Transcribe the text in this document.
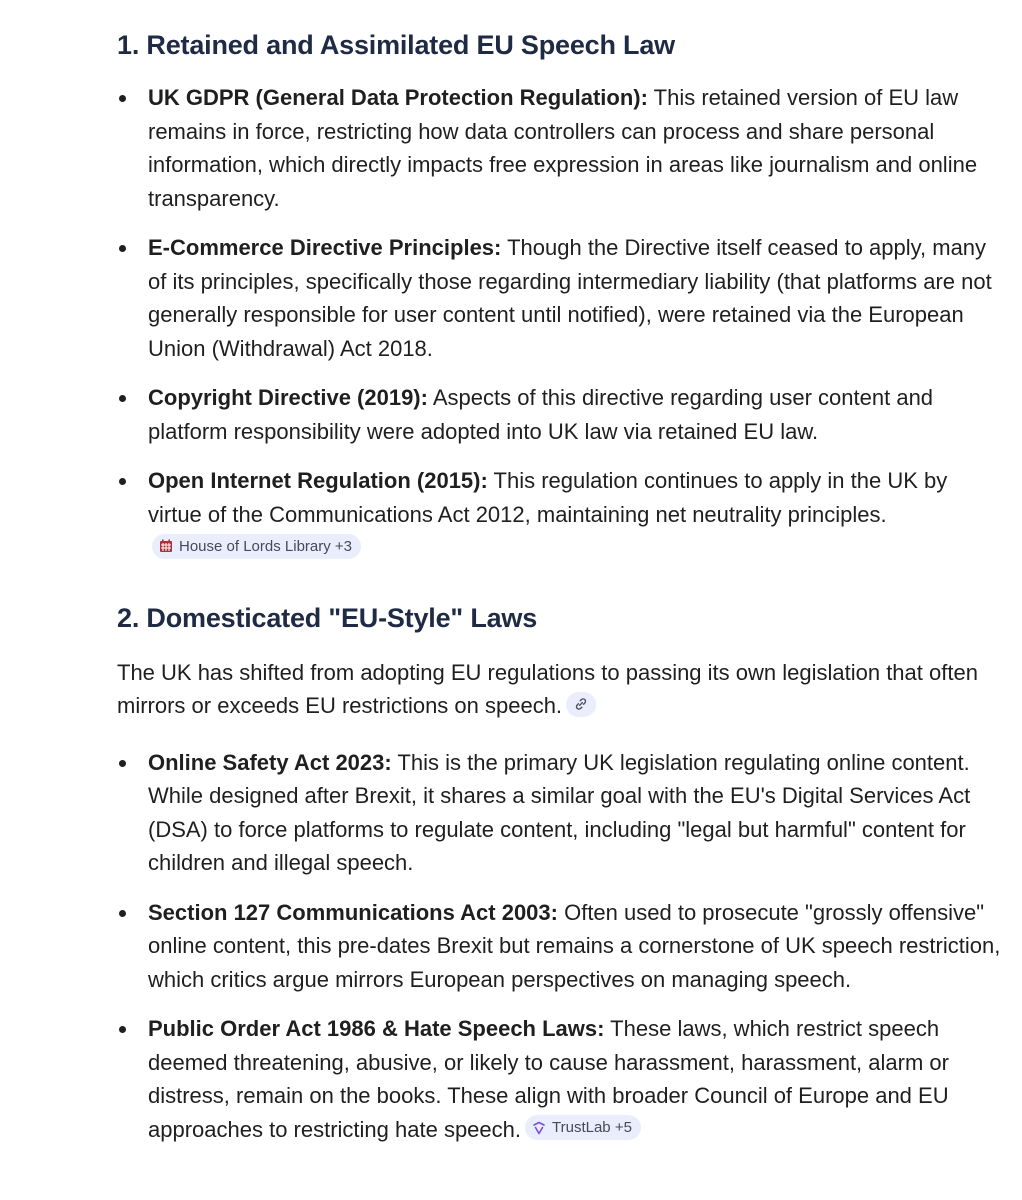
1. Retained and Assimilated EU Speech Law
UK GDPR (General Data Protection Regulation): This retained version of EU law remains in force, restricting how data controllers can process and share personal information, which directly impacts free expression in areas like journalism and online transparency.
E-Commerce Directive Principles: Though the Directive itself ceased to apply, many of its principles, specifically those regarding intermediary liability (that platforms are not generally responsible for user content until notified), were retained via the European Union (Withdrawal) Act 2018.
Copyright Directive (2019): Aspects of this directive regarding user content and platform responsibility were adopted into UK law via retained EU law.
Open Internet Regulation (2015): This regulation continues to apply in the UK by virtue of the Communications Act 2012, maintaining net neutrality principles.
House of Lords Library +3
2. Domesticated "EU-Style" Laws

The UK has shifted from adopting EU regulations to passing its own legislation that often mirrors or exceeds EU restrictions on speech.

Online Safety Act 2023: This is the primary UK legislation regulating online content. While designed after Brexit, it shares a similar goal with the EU's Digital Services Act (DSA) to force platforms to regulate content, including "legal but harmful" content for children and illegal speech.
Section 127 Communications Act 2003: Often used to prosecute "grossly offensive" online content, this pre-dates Brexit but remains a cornerstone of UK speech restriction, which critics argue mirrors European perspectives on managing speech.
Public Order Act 1986 & Hate Speech Laws: These laws, which restrict speech deemed threatening, abusive, or likely to cause harassment, harassment, alarm or distress, remain on the books. These align with broader Council of Europe and EU approaches to restricting hate speech. TrustLab +5
